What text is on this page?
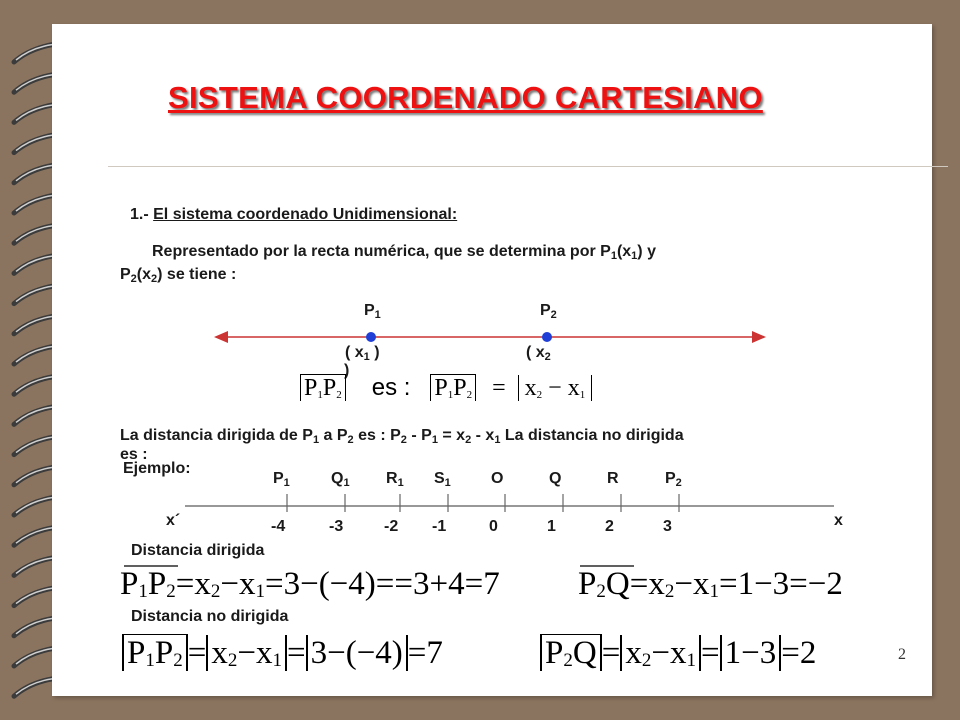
SISTEMA COORDENADO CARTESIANO
1.- El sistema coordenado Unidimensional:
Representado por la recta numérica, que se determina por $P_1(x_1)$ y
$P_2(x_2)$ se tiene :
$P_1$	$P_2$
( $x_1$ )
)
( $x_2$
$P_1P_2$ es : $P_1P_2 = x_2 - x_1$
La distancia dirigida de $P_1$ a $P_2$ es : $P_2 - P_1 = x_2 - x_1$ La distancia no dirigida
es :
Ejemplo:
$P_1$	$Q_1$ $R_1$ $S_1$	O	Q	R	$P_2$
-4	-3	-2 -1	0	1	2	3
x´	x
Distancia dirigida
$P_1P_2=x_2-x_1=3-(-4)==3+4=7$ $P_2Q=x_2-x_1=1-3=-2$
Distancia no dirigida
$P_1P_2 = x_2-x_1 = 3-(-4) =7$	$P_2Q = x_2-x_1 = 1-3 =2$	2
